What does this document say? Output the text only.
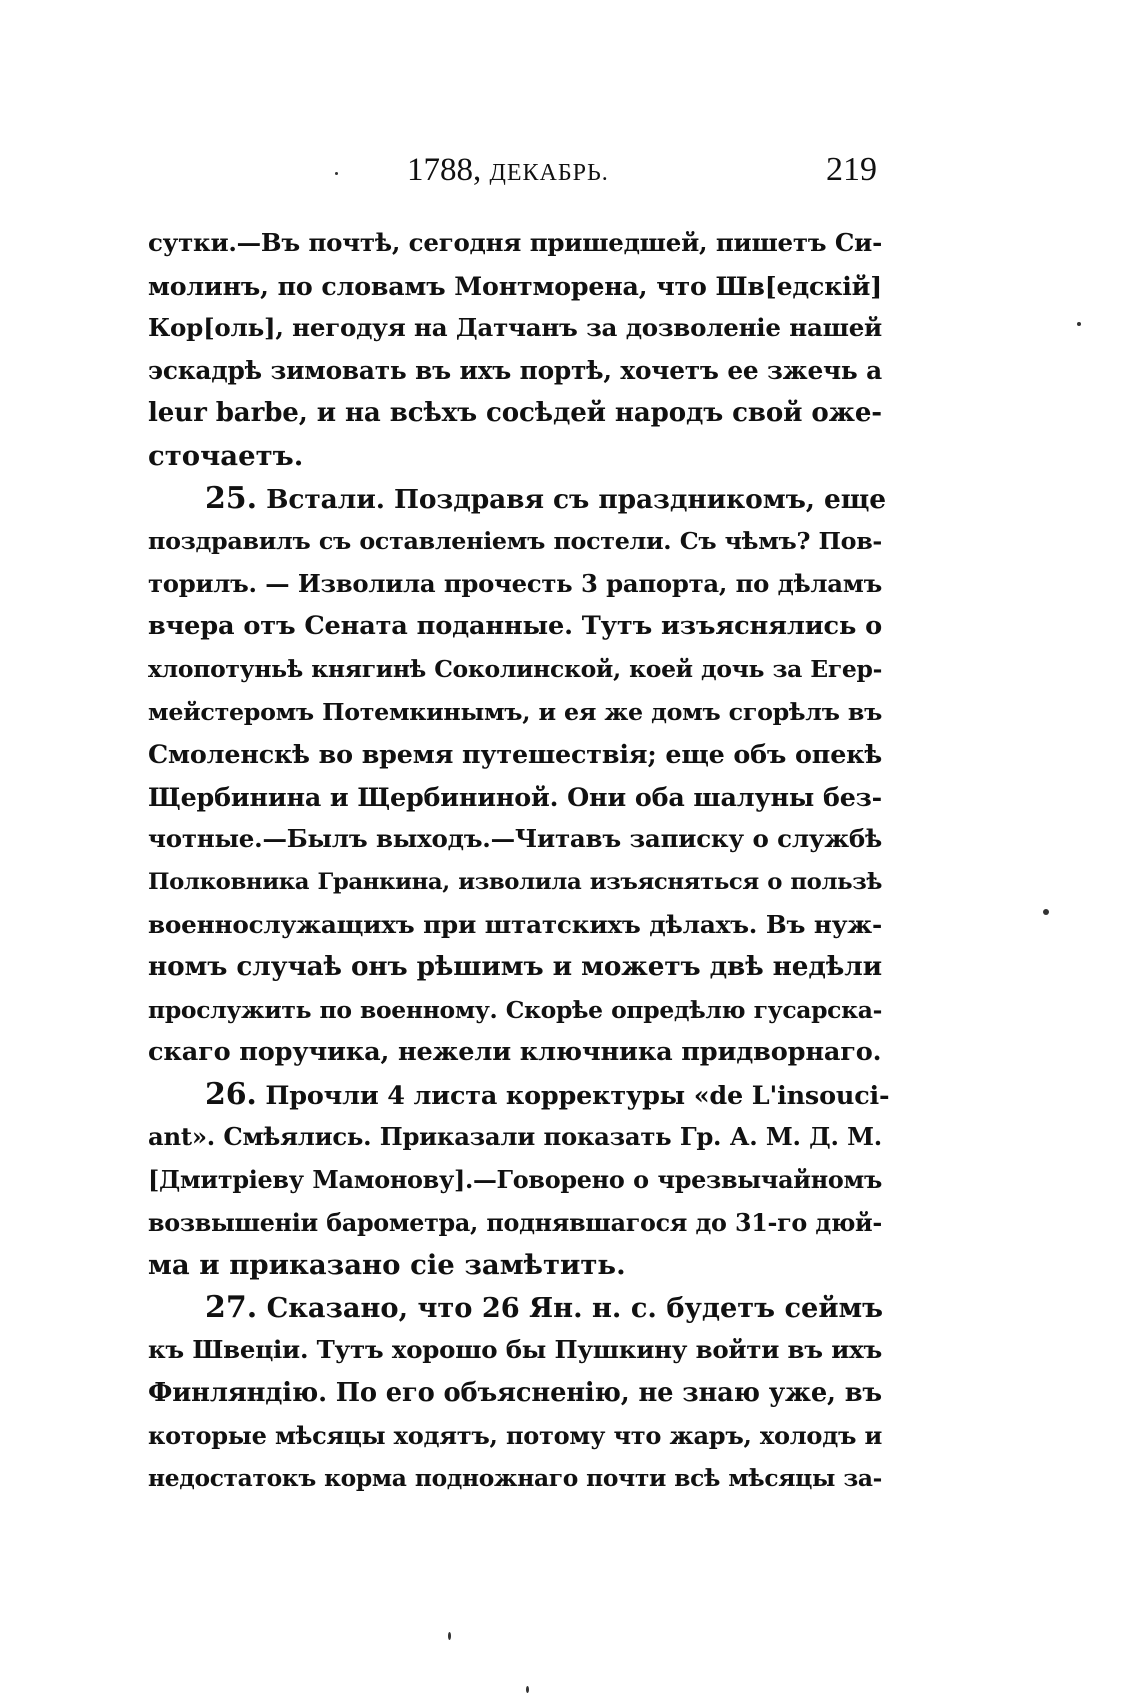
1788, ДЕКАБРЬ.	219
сутки.—Въ почтѣ, сегодня пришедшей, пишетъ Си-
молинъ, по словамъ Монтморена, что Шв[едскій]
Кор[оль], негодуя на Датчанъ за дозволеніе нашей
эскадрѣ зимовать въ ихъ портѣ, хочетъ ее зжечь а
leur barbe, и на всѣхъ сосѣдей народъ свой оже-
сточаетъ.
25. Встали. Поздравя съ праздникомъ, еще
поздравилъ съ оставленіемъ постели. Съ чѣмъ? Пов-
торилъ. — Изволила прочесть 3 рапорта, по дѣламъ
вчера отъ Сената поданные. Тутъ изъяснялись о
хлопотуньѣ княгинѣ Соколинской, коей дочь за Егер-
мейстеромъ Потемкинымъ, и ея же домъ сгорѣлъ въ
Смоленскѣ во время путешествія; еще объ опекѣ
Щербинина и Щербининой. Они оба шалуны без-
чотные.—Былъ выходъ.—Читавъ записку о службѣ
Полковника Гранкина, изволила изъясняться о пользѣ
военнослужащихъ при штатскихъ дѣлахъ. Въ нуж-
номъ случаѣ онъ рѣшимъ и можетъ двѣ недѣли
прослужить по военному. Скорѣе опредѣлю гусарска-
скаго поручика, нежели ключника придворнаго.
26. Прочли 4 листа корректуры «de L'insouci-
ant». Смѣялись. Приказали показать Гр. А. М. Д. М.
[Дмитріеву Мамонову].—Говорено о чрезвычайномъ
возвышеніи барометра, поднявшагося до 31-го дюй-
ма и приказано сіе замѣтить.
27. Сказано, что 26 Ян. н. с. будетъ сеймъ
къ Швеціи. Тутъ хорошо бы Пушкину войти въ ихъ
Финляндію. По его объясненію, не знаю уже, въ
которые мѣсяцы ходятъ, потому что жаръ, холодъ и
недостатокъ корма подножнаго почти всѣ мѣсяцы за-
